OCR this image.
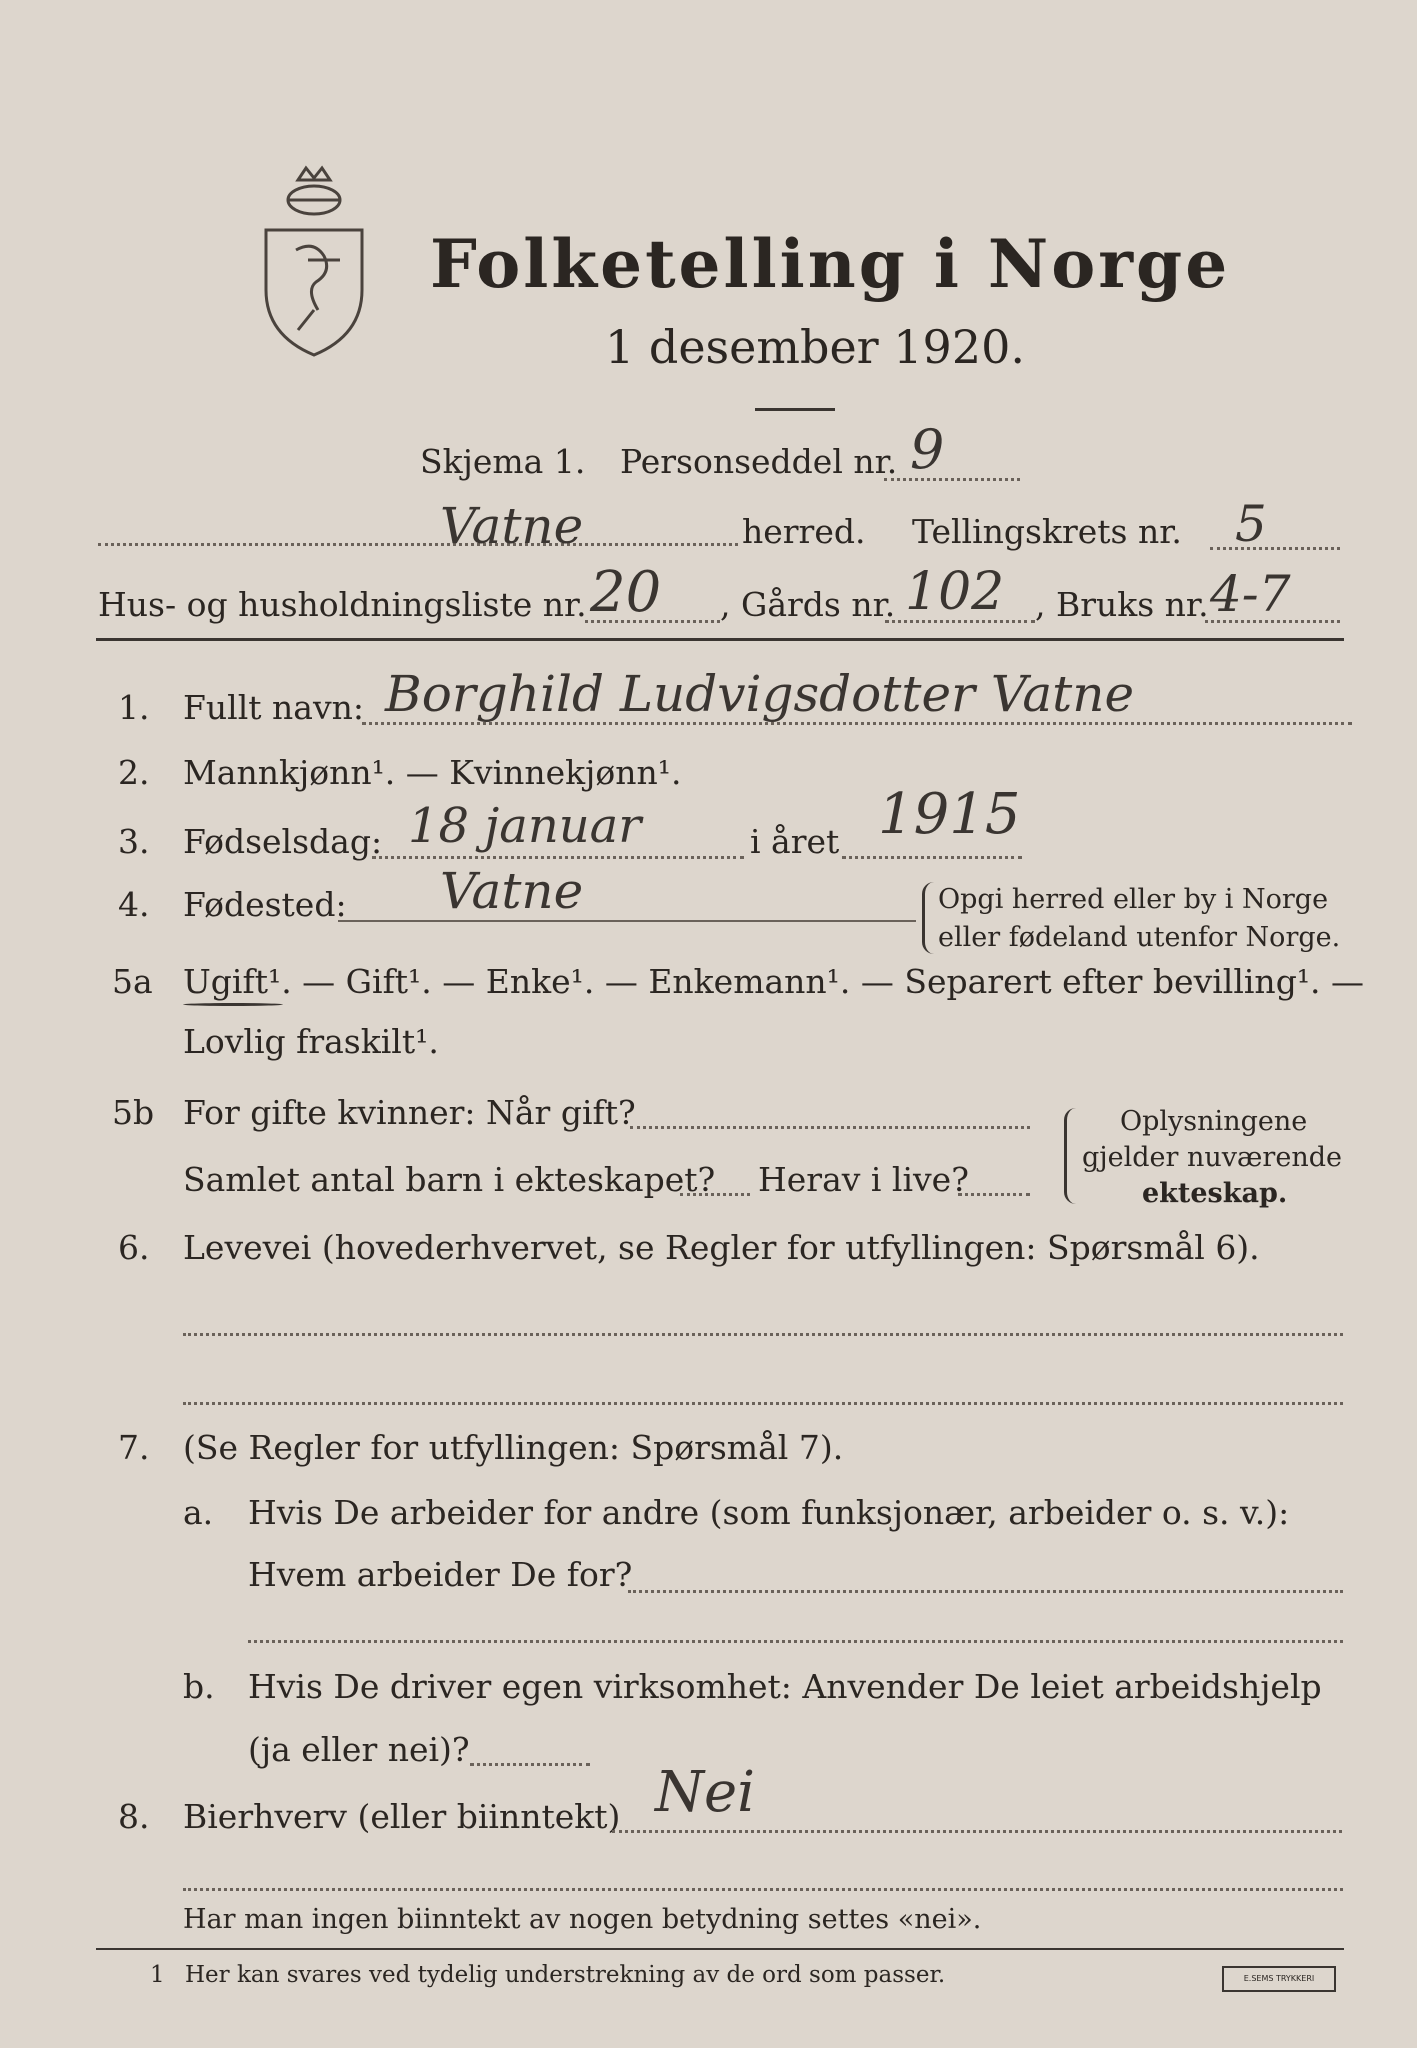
Folketelling i Norge
1 desember 1920.
Skjema 1. Personseddel nr. 9
Vatne	herred. Tellingskrets nr. 5
Hus- og husholdningsliste nr. 20 , Gårds nr. 102 , Bruks nr. 4-7
1. Fullt navn: Borghild Ludvigsdotter Vatne
2. Mannkjønn¹. — Kvinnekjønn¹.
3. Fødselsdag: 18 januar	i året 1915
4. Fødested: Vatne	Opgi herred eller by i Norge
eller fødeland utenfor Norge.
5a Ugift¹. — Gift¹. — Enke¹. — Enkemann¹. — Separert efter bevilling¹. —
Lovlig fraskilt¹.
5b For gifte kvinner: Når gift?
Samlet antal barn i ekteskapet? Herav i live?
Oplysningene
gjelder nuværende
ekteskap.
6. Levevei (hovederhvervet, se Regler for utfyllingen: Spørsmål 6).
7. (Se Regler for utfyllingen: Spørsmål 7).
a. Hvis De arbeider for andre (som funksjonær, arbeider o. s. v.):
Hvem arbeider De for?
b. Hvis De driver egen virksomhet: Anvender De leiet arbeidshjelp
(ja eller nei)?
8. Bierhverv (eller biinntekt) Nei
Har man ingen biinntekt av nogen betydning settes «nei».
1 Her kan svares ved tydelig understrekning av de ord som passer.	E.SEMS TRYKKERI
